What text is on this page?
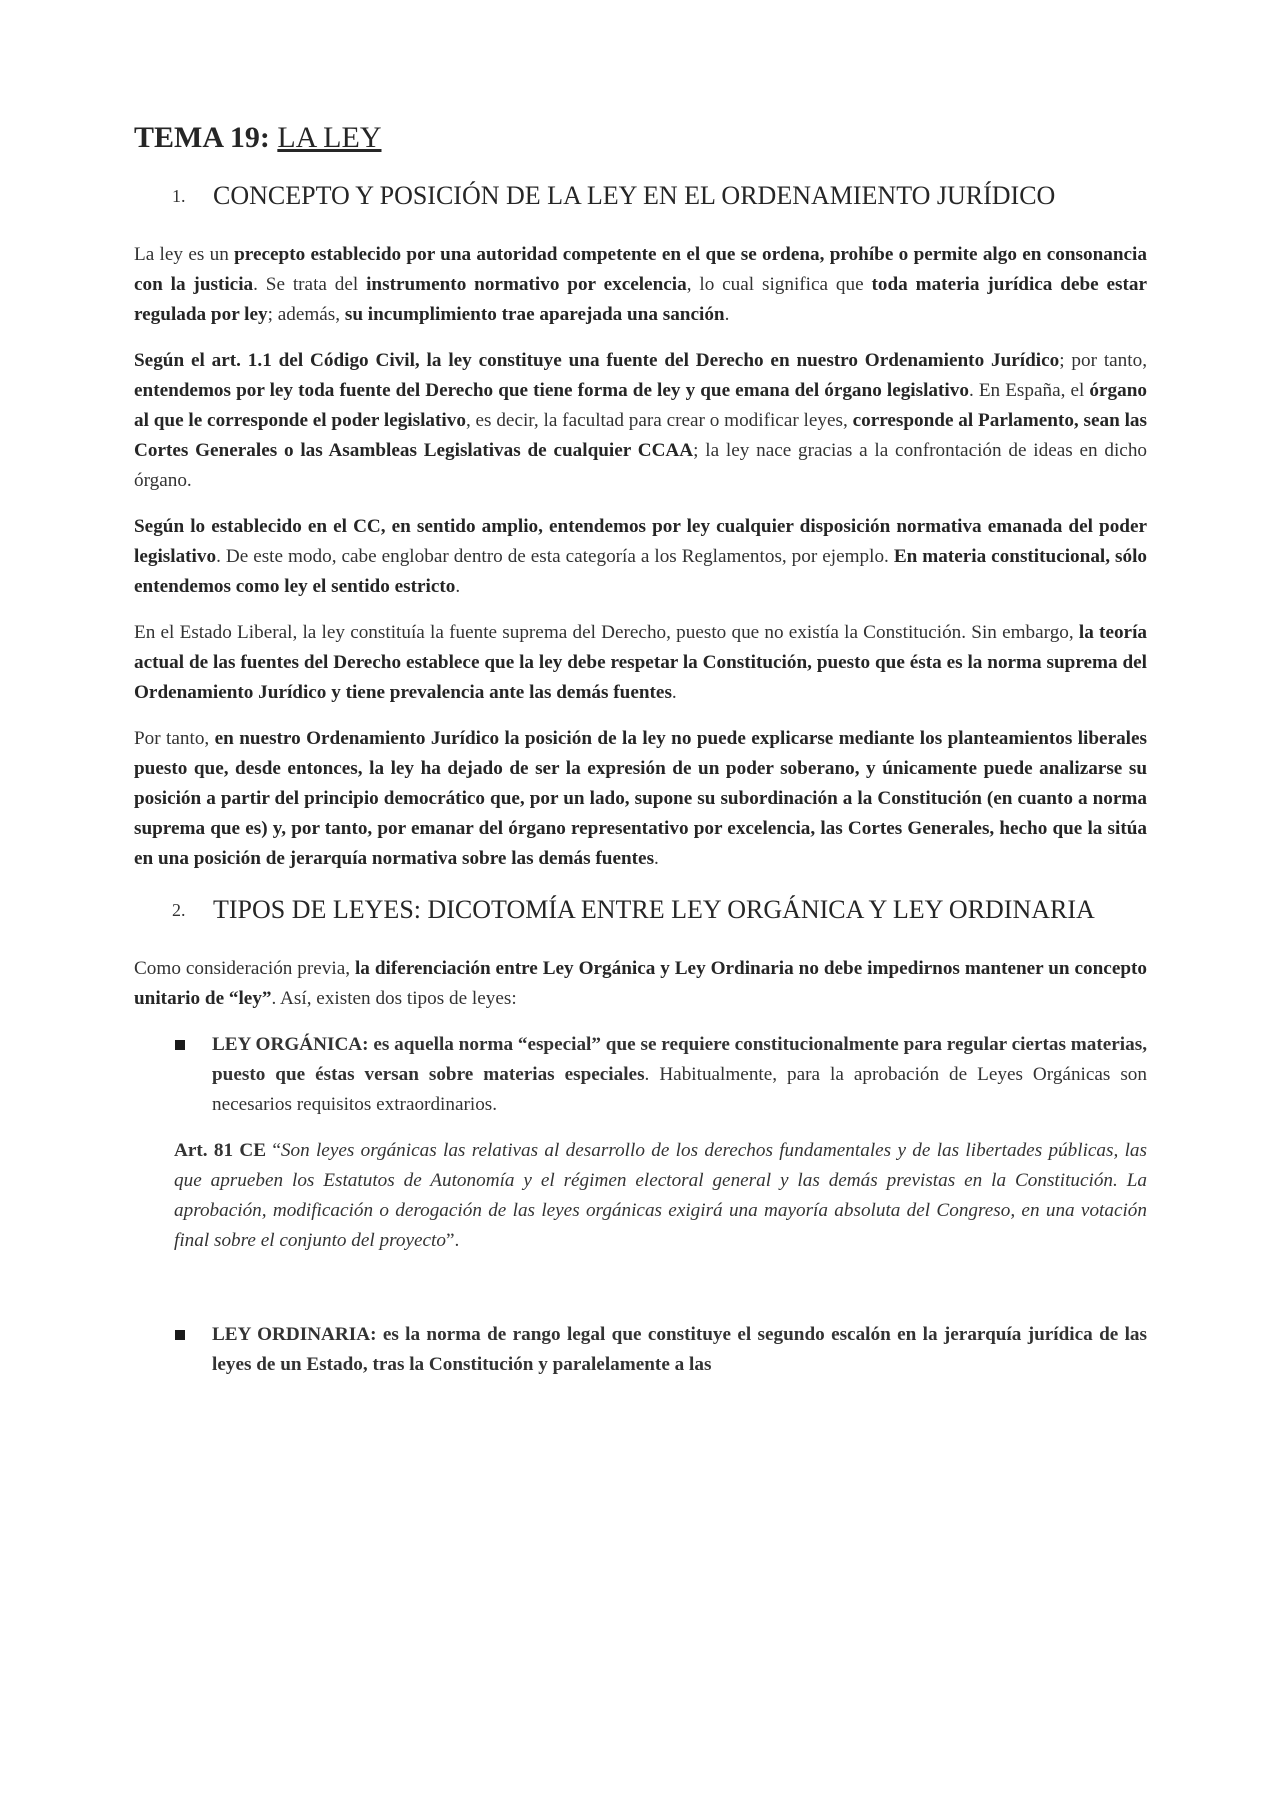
TEMA 19: LA LEY
1.	CONCEPTO Y POSICIÓN DE LA LEY EN EL ORDENAMIENTO JURÍDICO

La ley es un precepto establecido por una autoridad competente en el que se ordena, prohíbe o permite algo en consonancia con la justicia. Se trata del instrumento normativo por excelencia, lo cual significa que toda materia jurídica debe estar regulada por ley; además, su incumplimiento trae aparejada una sanción.

Según el art. 1.1 del Código Civil, la ley constituye una fuente del Derecho en nuestro Ordenamiento Jurídico; por tanto, entendemos por ley toda fuente del Derecho que tiene forma de ley y que emana del órgano legislativo. En España, el órgano al que le corresponde el poder legislativo, es decir, la facultad para crear o modificar leyes, corresponde al Parlamento, sean las Cortes Generales o las Asambleas Legislativas de cualquier CCAA; la ley nace gracias a la confrontación de ideas en dicho órgano.

Según lo establecido en el CC, en sentido amplio, entendemos por ley cualquier disposición normativa emanada del poder legislativo. De este modo, cabe englobar dentro de esta categoría a los Reglamentos, por ejemplo. En materia constitucional, sólo entendemos como ley el sentido estricto.

En el Estado Liberal, la ley constituía la fuente suprema del Derecho, puesto que no existía la Constitución. Sin embargo, la teoría actual de las fuentes del Derecho establece que la ley debe respetar la Constitución, puesto que ésta es la norma suprema del Ordenamiento Jurídico y tiene prevalencia ante las demás fuentes.

Por tanto, en nuestro Ordenamiento Jurídico la posición de la ley no puede explicarse mediante los planteamientos liberales puesto que, desde entonces, la ley ha dejado de ser la expresión de un poder soberano, y únicamente puede analizarse su posición a partir del principio democrático que, por un lado, supone su subordinación a la Constitución (en cuanto a norma suprema que es) y, por tanto, por emanar del órgano representativo por excelencia, las Cortes Generales, hecho que la sitúa en una posición de jerarquía normativa sobre las demás fuentes.

2.	TIPOS DE LEYES: DICOTOMÍA ENTRE LEY ORGÁNICA Y LEY ORDINARIA

Como consideración previa, la diferenciación entre Ley Orgánica y Ley Ordinaria no debe impedirnos mantener un concepto unitario de “ley”. Así, existen dos tipos de leyes:

LEY ORGÁNICA: es aquella norma “especial” que se requiere constitucionalmente para regular ciertas materias, puesto que éstas versan sobre materias especiales. Habitualmente, para la aprobación de Leyes Orgánicas son necesarios requisitos extraordinarios.

Art. 81 CE “Son leyes orgánicas las relativas al desarrollo de los derechos fundamentales y de las libertades públicas, las que aprueben los Estatutos de Autonomía y el régimen electoral general y las demás previstas en la Constitución. La aprobación, modificación o derogación de las leyes orgánicas exigirá una mayoría absoluta del Congreso, en una votación final sobre el conjunto del proyecto”.

LEY ORDINARIA: es la norma de rango legal que constituye el segundo escalón en la jerarquía jurídica de las leyes de un Estado, tras la Constitución y paralelamente a las
